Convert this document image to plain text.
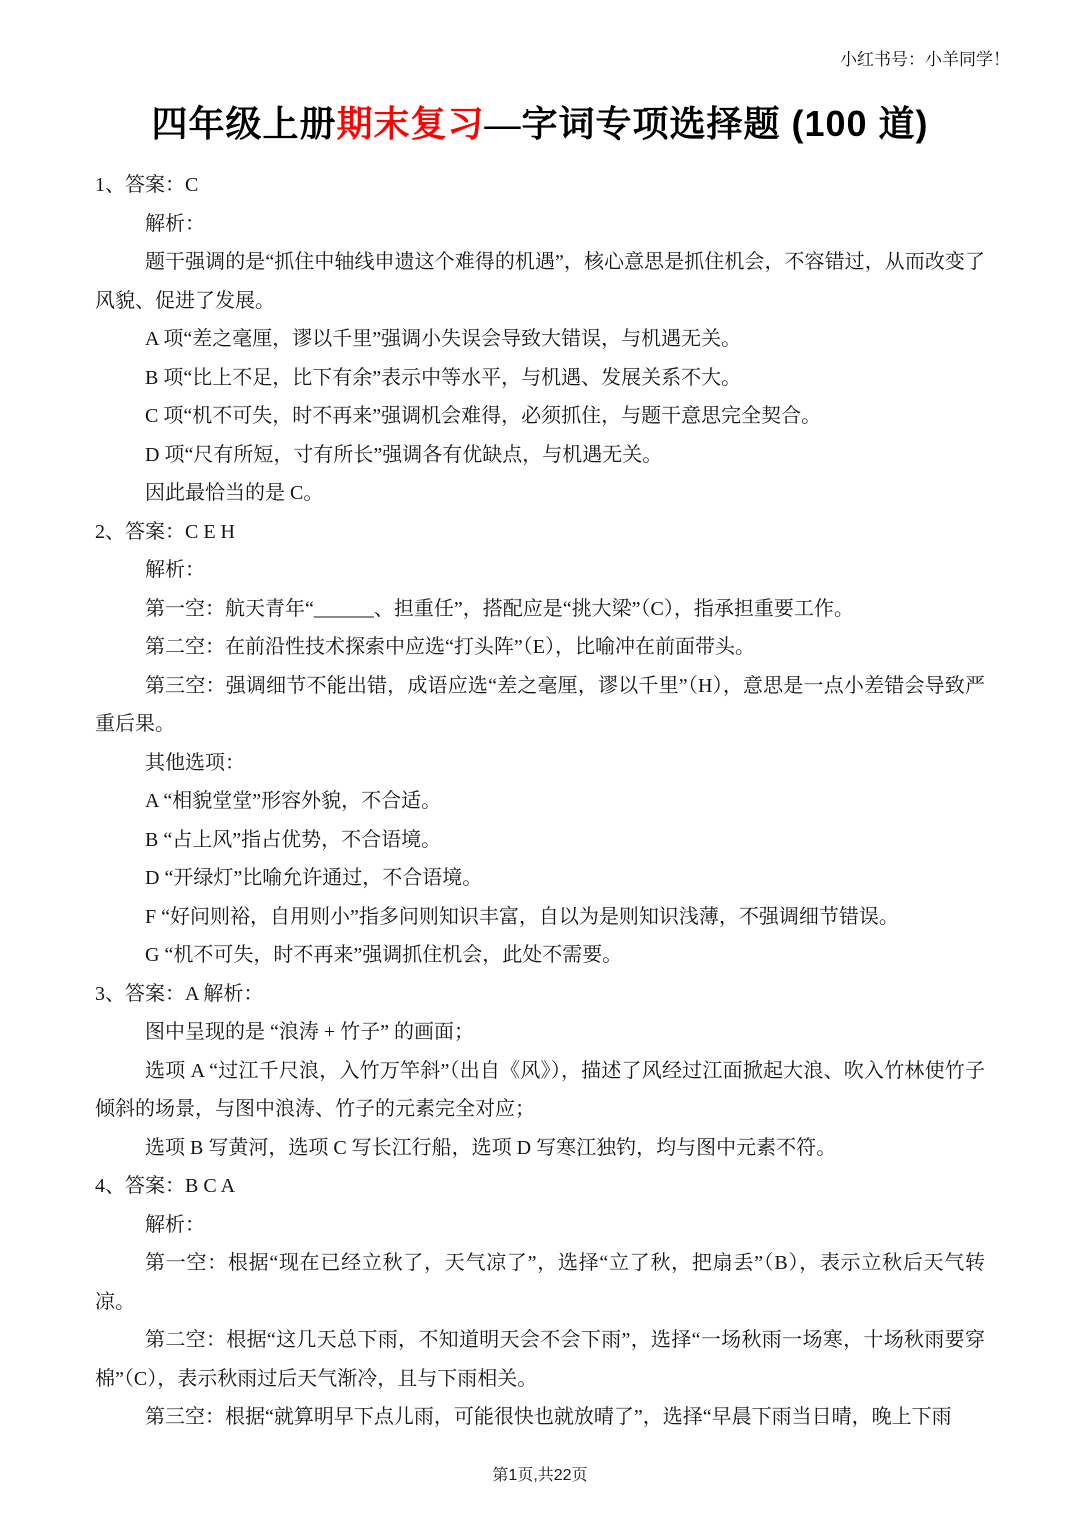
小红书号：小羊同学！
四年级上册期末复习—字词专项选择题 (100 道)

1、答案：C

解析：

题干强调的是“抓住中轴线申遗这个难得的机遇”，核心意思是抓住机会，不容错过，从而改变了风貌、促进了发展。

A 项“差之毫厘，谬以千里”强调小失误会导致大错误，与机遇无关。

B 项“比上不足，比下有余”表示中等水平，与机遇、发展关系不大。

C 项“机不可失，时不再来”强调机会难得，必须抓住，与题干意思完全契合。

D 项“尺有所短，寸有所长”强调各有优缺点，与机遇无关。

因此最恰当的是 C。

2、答案：C E H

解析：

第一空：航天青年“______、担重任”，搭配应是“挑大梁”（C），指承担重要工作。

第二空：在前沿性技术探索中应选“打头阵”（E），比喻冲在前面带头。

第三空：强调细节不能出错，成语应选“差之毫厘，谬以千里”（H），意思是一点小差错会导致严重后果。

其他选项：

A “相貌堂堂”形容外貌，不合适。

B “占上风”指占优势，不合语境。

D “开绿灯”比喻允许通过，不合语境。

F “好问则裕，自用则小”指多问则知识丰富，自以为是则知识浅薄，不强调细节错误。

G “机不可失，时不再来”强调抓住机会，此处不需要。

3、答案：A 解析：

图中呈现的是 “浪涛 + 竹子” 的画面；

选项 A “过江千尺浪，入竹万竿斜”（出自《风》），描述了风经过江面掀起大浪、吹入竹林使竹子倾斜的场景，与图中浪涛、竹子的元素完全对应；

选项 B 写黄河，选项 C 写长江行船，选项 D 写寒江独钓，均与图中元素不符。

4、答案：B C A

解析：

第一空：根据“现在已经立秋了，天气凉了”，选择“立了秋，把扇丢”（B），表示立秋后天气转凉。

第二空：根据“这几天总下雨，不知道明天会不会下雨”，选择“一场秋雨一场寒，十场秋雨要穿棉”（C），表示秋雨过后天气渐冷，且与下雨相关。

第三空：根据“就算明早下点儿雨，可能很快也就放晴了”，选择“早晨下雨当日晴，晚上下雨

第1页,共22页
